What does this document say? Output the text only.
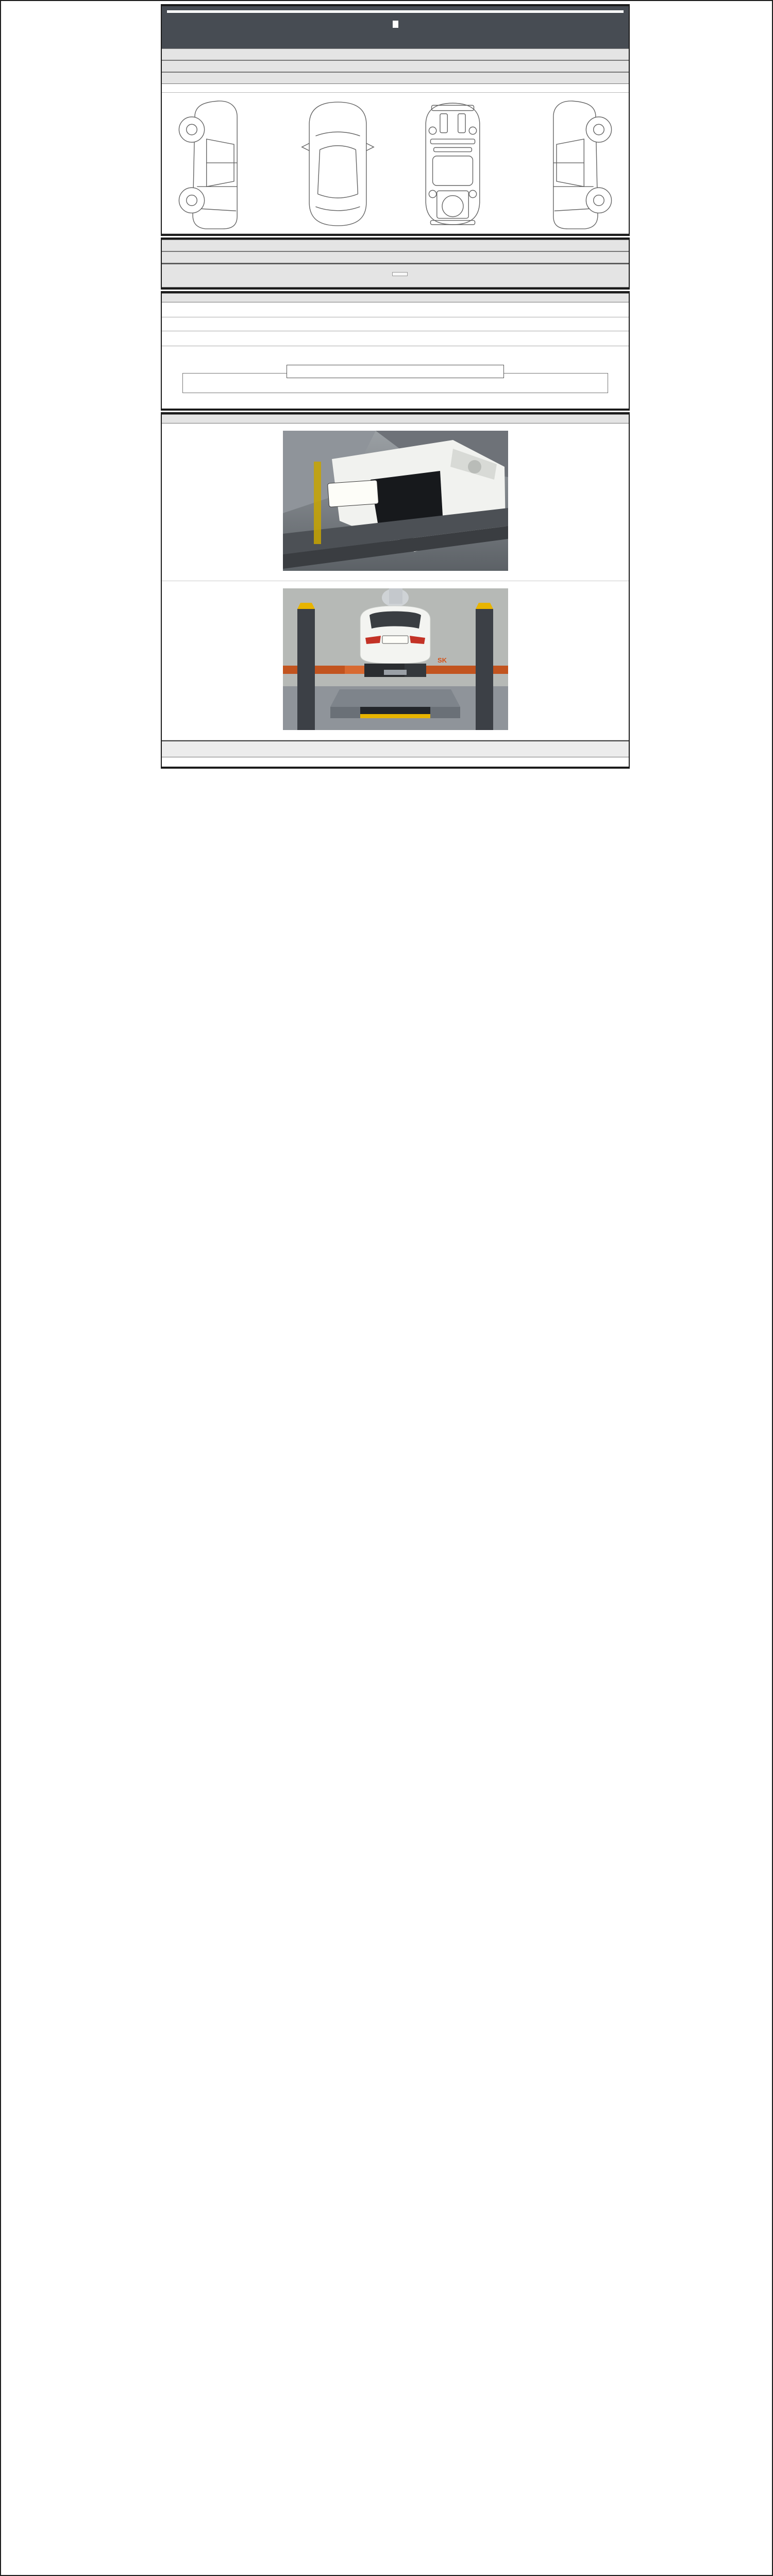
SK
